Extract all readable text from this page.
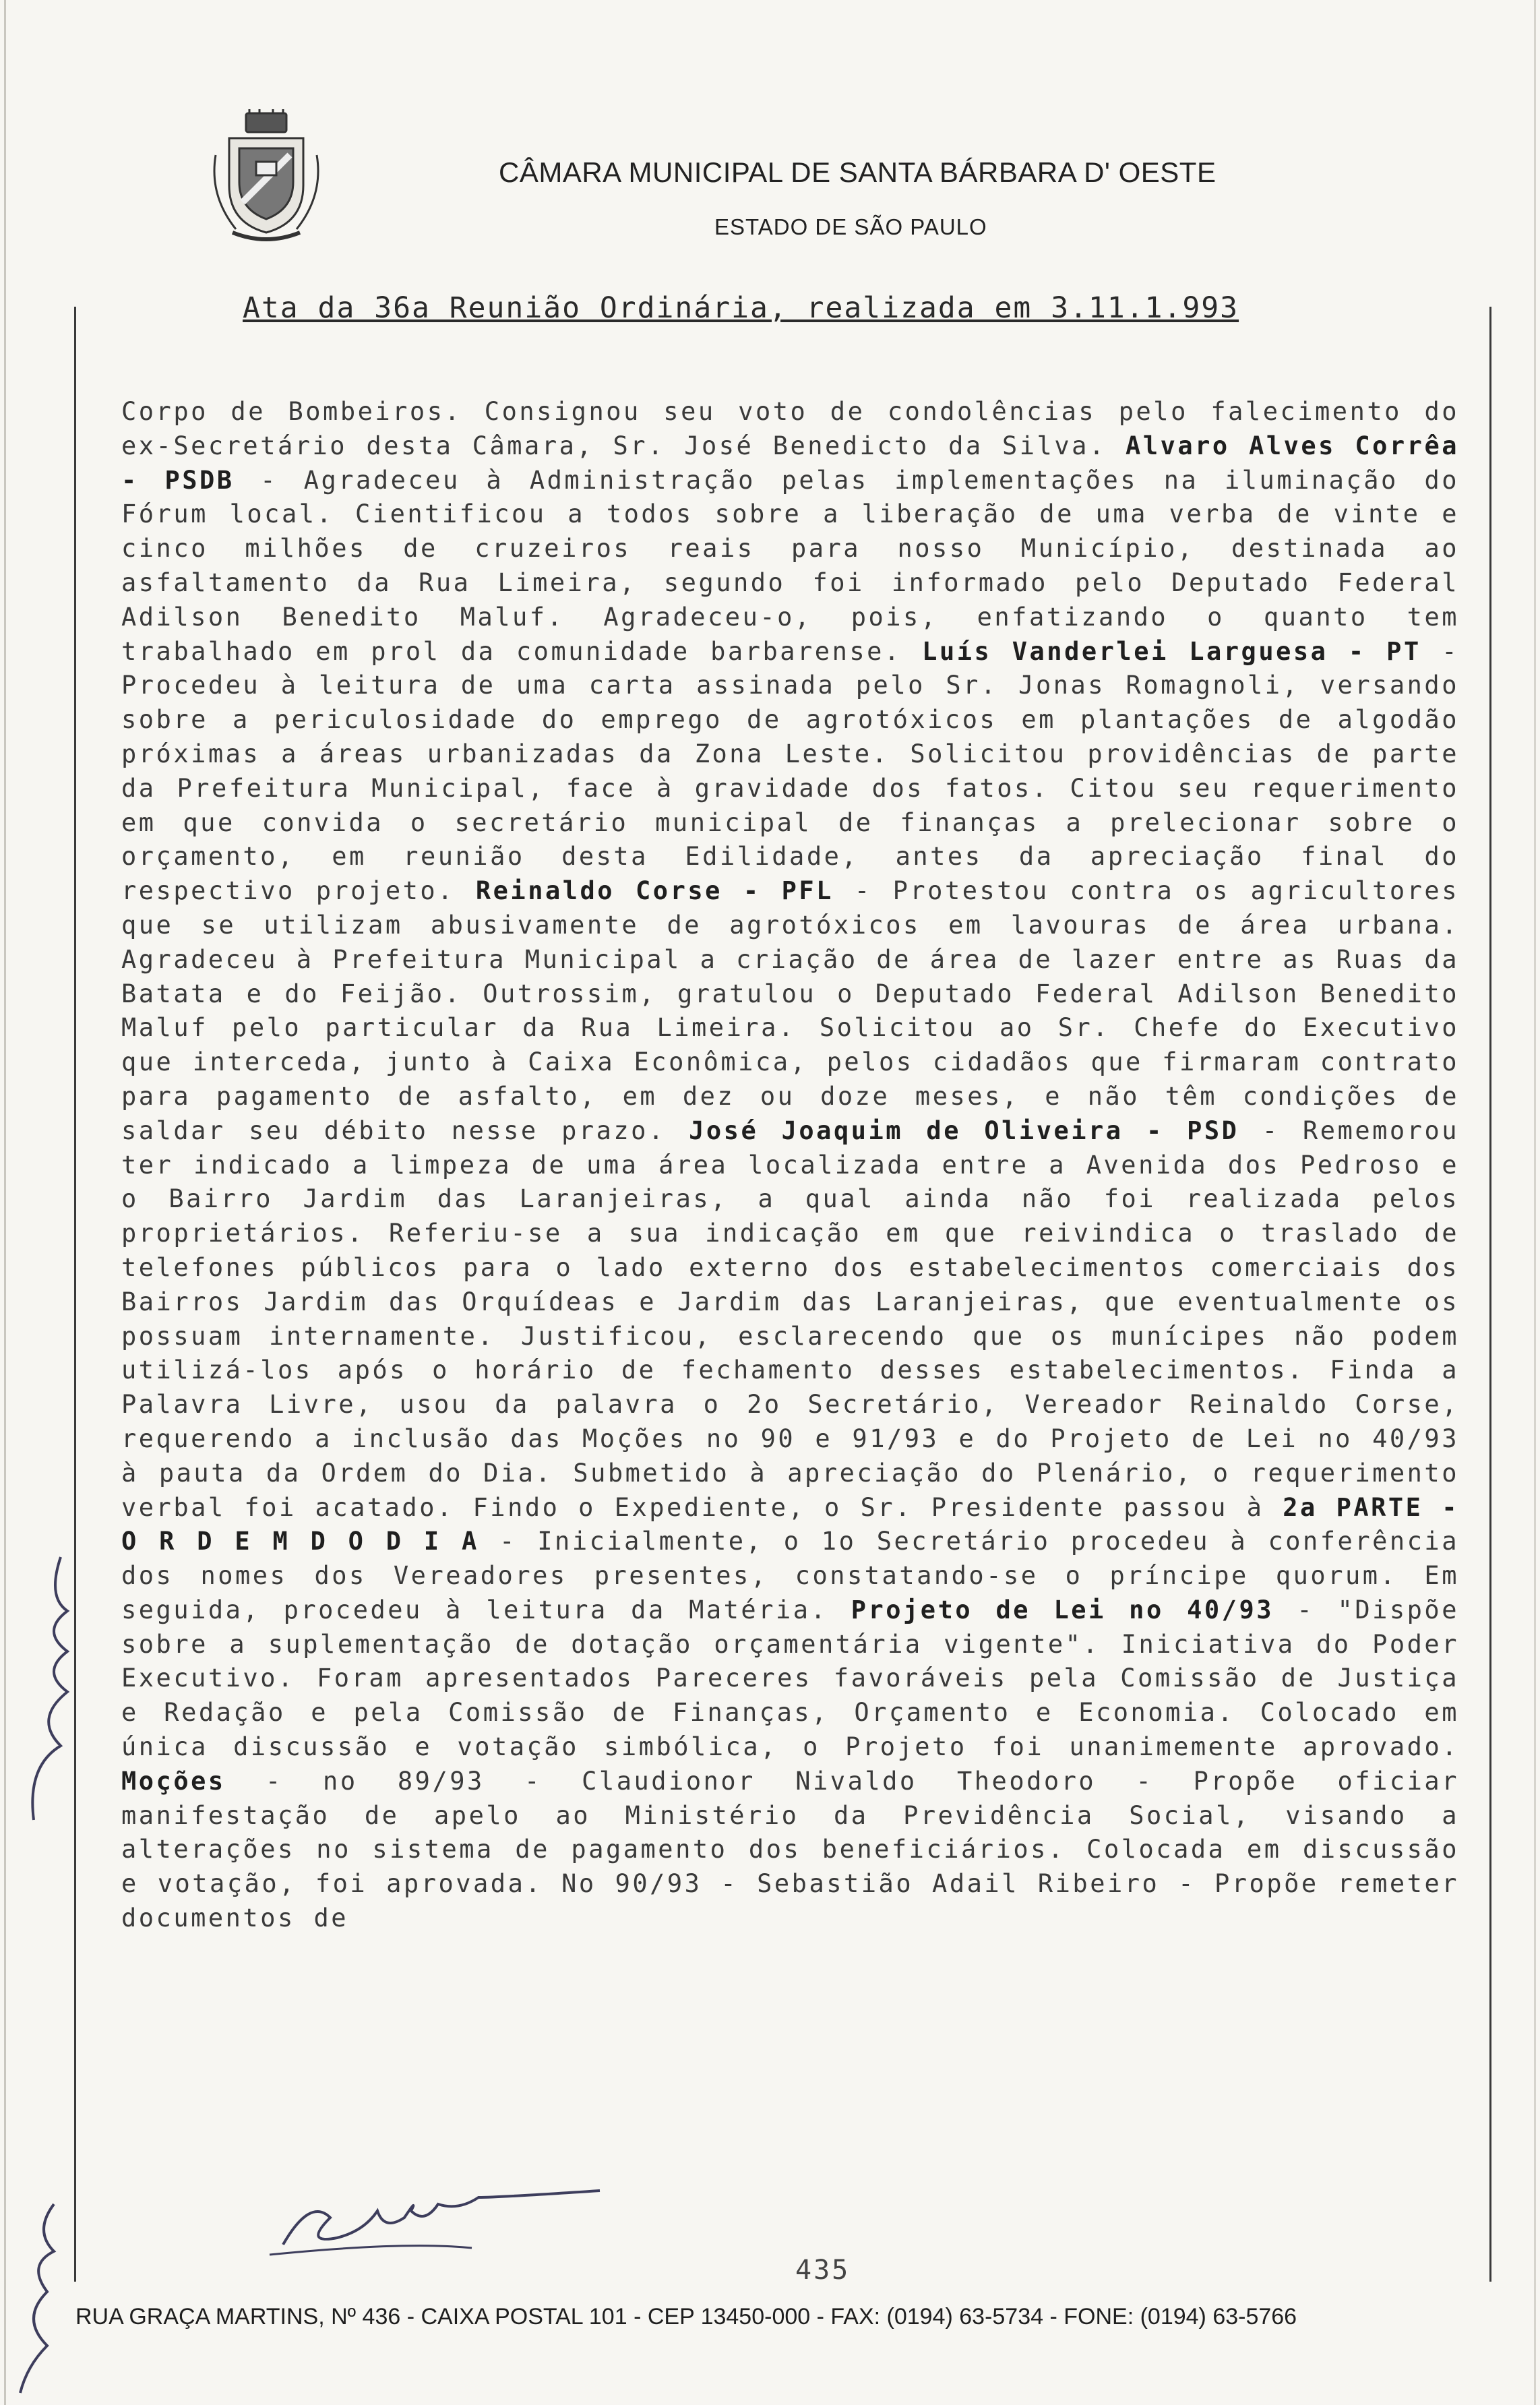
CÂMARA MUNICIPAL DE SANTA BÁRBARA D' OESTE
ESTADO DE SÃO PAULO
Ata da 36a Reunião Ordinária, realizada em 3.11.1.993
Corpo de Bombeiros. Consignou seu voto de condolências pelo falecimento do ex-Secretário desta Câmara, Sr. José Benedicto da Silva. Alvaro Alves Corrêa - PSDB - Agradeceu à Administração pelas implementações na iluminação do Fórum local. Cientificou a todos sobre a liberação de uma verba de vinte e cinco milhões de cruzeiros reais para nosso Município, destinada ao asfaltamento da Rua Limeira, segundo foi informado pelo Deputado Federal Adilson Benedito Maluf. Agradeceu-o, pois, enfatizando o quanto tem trabalhado em prol da comunidade barbarense. Luís Vanderlei Larguesa - PT - Procedeu à leitura de uma carta assinada pelo Sr. Jonas Romagnoli, versando sobre a periculosidade do emprego de agrotóxicos em plantações de algodão próximas a áreas urbanizadas da Zona Leste. Solicitou providências de parte da Prefeitura Municipal, face à gravidade dos fatos. Citou seu requerimento em que convida o secretário municipal de finanças a prelecionar sobre o orçamento, em reunião desta Edilidade, antes da apreciação final do respectivo projeto. Reinaldo Corse - PFL - Protestou contra os agricultores que se utilizam abusivamente de agrotóxicos em lavouras de área urbana. Agradeceu à Prefeitura Municipal a criação de área de lazer entre as Ruas da Batata e do Feijão. Outrossim, gratulou o Deputado Federal Adilson Benedito Maluf pelo particular da Rua Limeira. Solicitou ao Sr. Chefe do Executivo que interceda, junto à Caixa Econômica, pelos cidadãos que firmaram contrato para pagamento de asfalto, em dez ou doze meses, e não têm condições de saldar seu débito nesse prazo. José Joaquim de Oliveira - PSD - Rememorou ter indicado a limpeza de uma área localizada entre a Avenida dos Pedroso e o Bairro Jardim das Laranjeiras, a qual ainda não foi realizada pelos proprietários. Referiu-se a sua indicação em que reivindica o traslado de telefones públicos para o lado externo dos estabelecimentos comerciais dos Bairros Jardim das Orquídeas e Jardim das Laranjeiras, que eventualmente os possuam internamente. Justificou, esclarecendo que os munícipes não podem utilizá-los após o horário de fechamento desses estabelecimentos. Finda a Palavra Livre, usou da palavra o 2o Secretário, Vereador Reinaldo Corse, requerendo a inclusão das Moções no 90 e 91/93 e do Projeto de Lei no 40/93 à pauta da Ordem do Dia. Submetido à apreciação do Plenário, o requerimento verbal foi acatado. Findo o Expediente, o Sr. Presidente passou à 2a PARTE - O R D E M D O D I A - Inicialmente, o 1o Secretário procedeu à conferência dos nomes dos Vereadores presentes, constatando-se o príncipe quorum. Em seguida, procedeu à leitura da Matéria. Projeto de Lei no 40/93 - "Dispõe sobre a suplementação de dotação orçamentária vigente". Iniciativa do Poder Executivo. Foram apresentados Pareceres favoráveis pela Comissão de Justiça e Redação e pela Comissão de Finanças, Orçamento e Economia. Colocado em única discussão e votação simbólica, o Projeto foi unanimemente aprovado. Moções - no 89/93 - Claudionor Nivaldo Theodoro - Propõe oficiar manifestação de apelo ao Ministério da Previdência Social, visando a alterações no sistema de pagamento dos beneficiários. Colocada em discussão e votação, foi aprovada. No 90/93 - Sebastião Adail Ribeiro - Propõe remeter documentos de
435
RUA GRAÇA MARTINS, Nº 436 - CAIXA POSTAL 101 - CEP 13450-000 - FAX: (0194) 63-5734 - FONE: (0194) 63-5766
